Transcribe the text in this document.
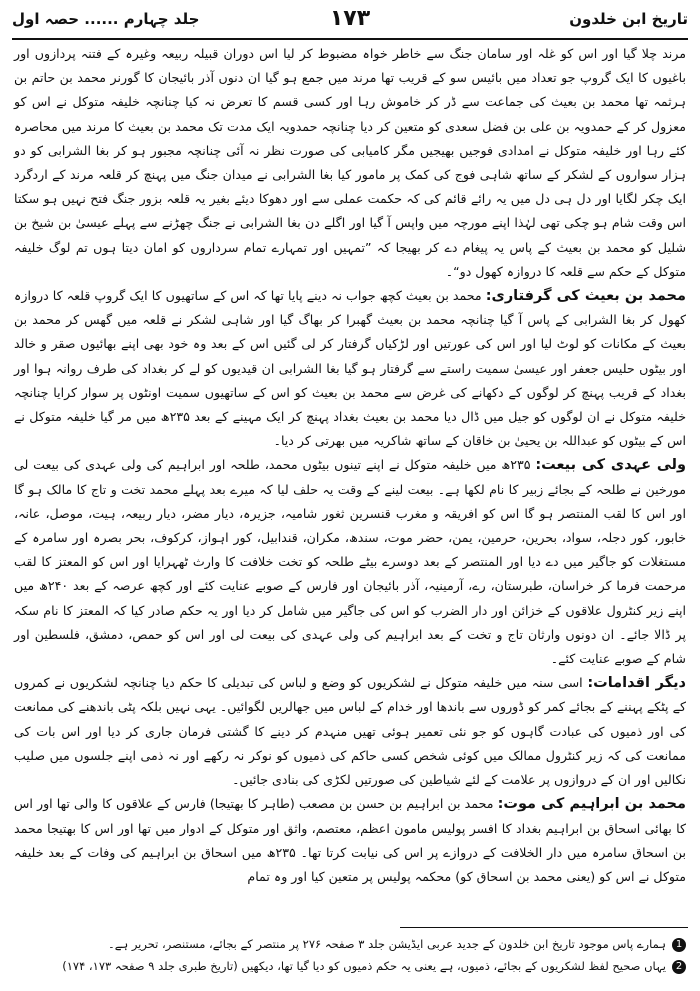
تاریخ ابن خلدون
۱۷۳
جلد چہارم ...... حصہ اول

مرند چلا گیا اور اس کو غلہ اور سامان جنگ سے خاطر خواہ مضبوط کر لیا اس دوران قبیلہ ربیعہ وغیرہ کے فتنہ پردازوں اور باغیوں کا ایک گروپ جو تعداد میں بائیس سو کے قریب تھا مرند میں جمع ہو گیا ان دنوں آذر بائیجان کا گورنر محمد بن حاتم بن ہرثمہ تھا محمد بن بعیث کی جماعت سے ڈر کر خاموش رہا اور کسی قسم کا تعرض نہ کیا چنانچہ خلیفہ متوکل نے اس کو معزول کر کے حمدویہ بن علی بن فضل سعدی کو متعین کر دیا چنانچہ حمدویہ ایک مدت تک محمد بن بعیث کا مرند میں محاصرہ کئے رہا اور خلیفہ متوکل نے امدادی فوجیں بھیجیں مگر کامیابی کی صورت نظر نہ آئی چنانچہ مجبور ہو کر بغا الشرابی کو دو ہزار سواروں کے لشکر کے ساتھ شاہی فوج کی کمک پر مامور کیا بغا الشرابی نے میدان جنگ میں پہنچ کر قلعہ مرند کے اردگرد ایک چکر لگایا اور دل ہی دل میں یہ رائے قائم کی کہ حکمت عملی سے اور دھوکا دیئے بغیر یہ قلعہ بزور جنگ فتح نہیں ہو سکتا اس وقت شام ہو چکی تھی لہٰذا اپنے مورچہ میں واپس آ گیا اور اگلے دن بغا الشرابی نے جنگ چھڑنے سے پہلے عیسیٰ بن شیخ بن شلیل کو محمد بن بعیث کے پاس یہ پیغام دے کر بھیجا کہ ”تمہیں اور تمہارے تمام سرداروں کو امان دیتا ہوں تم لوگ خلیفہ متوکل کے حکم سے قلعہ کا دروازہ کھول دو“۔

محمد بن بعیث کی گرفتاری: محمد بن بعیث کچھ جواب نہ دینے پایا تھا کہ اس کے ساتھیوں کا ایک گروپ قلعہ کا دروازہ کھول کر بغا الشرابی کے پاس آ گیا چنانچہ محمد بن بعیث گھبرا کر بھاگ گیا اور شاہی لشکر نے قلعہ میں گھس کر محمد بن بعیث کے مکانات کو لوٹ لیا اور اس کی عورتیں اور لڑکیاں گرفتار کر لی گئیں اس کے بعد وہ خود بھی اپنے بھائیوں صقر و خالد اور بیٹوں حلیس جعفر اور عیسیٰ سمیت راستے سے گرفتار ہو گیا بغا الشرابی ان قیدیوں کو لے کر بغداد کی طرف روانہ ہوا اور بغداد کے قریب پہنچ کر لوگوں کے دکھانے کی غرض سے محمد بن بعیث کو اس کے ساتھیوں سمیت اونٹوں پر سوار کرایا چنانچہ خلیفہ متوکل نے ان لوگوں کو جیل میں ڈال دیا محمد بن بعیث بغداد پہنچ کر ایک مہینے کے بعد ۲۳۵ھ میں مر گیا خلیفہ متوکل نے اس کے بیٹوں کو عبداللہ بن یحییٰ بن خاقان کے ساتھ شاکریہ میں بھرتی کر دیا۔

ولی عہدی کی بیعت: ۲۳۵ھ میں خلیفہ متوکل نے اپنے تینوں بیٹوں محمد، طلحہ اور ابراہیم کی ولی عہدی کی بیعت لی مورخین نے طلحہ کے بجائے زبیر کا نام لکھا ہے۔ بیعت لینے کے وقت یہ حلف لیا کہ میرے بعد پہلے محمد تخت و تاج کا مالک ہو گا اور اس کا لقب المنتصر ہو گا اس کو افریقہ و مغرب قنسرین ثغور شامیہ، جزیرہ، دیار مضر، دیار ربیعہ، ہیت، موصل، عانہ، خابور، کور دجلہ، سواد، بحرین، حرمین، یمن، حضر موت، سندھ، مکران، قندابیل، کور اہواز، کرکوف، بحر بصرہ اور سامرہ کے مستغلات کو جاگیر میں دے دیا اور المنتصر کے بعد دوسرے بیٹے طلحہ کو تخت خلافت کا وارث ٹھہرایا اور اس کو المعتز کا لقب مرحمت فرما کر خراسان، طبرستان، رے، آرمینیہ، آذر بائیجان اور فارس کے صوبے عنایت کئے اور کچھ عرصہ کے بعد ۲۴۰ھ میں اپنے زیر کنٹرول علاقوں کے خزائن اور دار الضرب کو اس کی جاگیر میں شامل کر دیا اور یہ حکم صادر کیا کہ المعتز کا نام سکہ پر ڈالا جائے۔ ان دونوں وارثان تاج و تخت کے بعد ابراہیم کی ولی عہدی کی بیعت لی اور اس کو حمص، دمشق، فلسطین اور شام کے صوبے عنایت کئے۔

دیگر اقدامات: اسی سنہ میں خلیفہ متوکل نے لشکریوں کو وضع و لباس کی تبدیلی کا حکم دیا چنانچہ لشکریوں نے کمروں کے پٹکے پہننے کے بجائے کمر کو ڈوروں سے باندھا اور خدام کے لباس میں جھالریں لگوائیں۔ یہی نہیں بلکہ پٹی باندھنے کی ممانعت کی اور ذمیوں کی عبادت گاہوں کو جو نئی تعمیر ہوئی تھیں منہدم کر دینے کا گشتی فرمان جاری کر دیا اور اس بات کی ممانعت کی کہ زیر کنٹرول ممالک میں کوئی شخص کسی حاکم کی ذمیوں کو نوکر نہ رکھے اور نہ ذمی اپنے جلسوں میں صلیب نکالیں اور ان کے دروازوں پر علامت کے لئے شیاطین کی صورتیں لکڑی کی بنادی جائیں۔

محمد بن ابراہیم کی موت: محمد بن ابراہیم بن حسن بن مصعب (طاہر کا بھتیجا) فارس کے علاقوں کا والی تھا اور اس کا بھائی اسحاق بن ابراہیم بغداد کا افسر پولیس مامون اعظم، معتصم، واثق اور متوکل کے ادوار میں تھا اور اس کا بھتیجا محمد بن اسحاق سامرہ میں دار الخلافت کے دروازے پر اس کی نیابت کرتا تھا۔ ۲۳۵ھ میں اسحاق بن ابراہیم کی وفات کے بعد خلیفہ متوکل نے اس کو (یعنی محمد بن اسحاق کو) محکمہ پولیس پر متعین کیا اور وہ تمام

1ہمارے پاس موجود تاریخ ابن خلدون کے جدید عربی ایڈیشن جلد ۳ صفحہ ۲۷۶ پر منتصر کے بجائے، مستنصر، تحریر ہے۔
2یہاں صحیح لفظ لشکریوں کے بجائے، ذمیوں، ہے یعنی یہ حکم ذمیوں کو دیا گیا تھا، دیکھیں (تاریخ طبری جلد ۹ صفحہ ۱۷۳، ۱۷۴)
